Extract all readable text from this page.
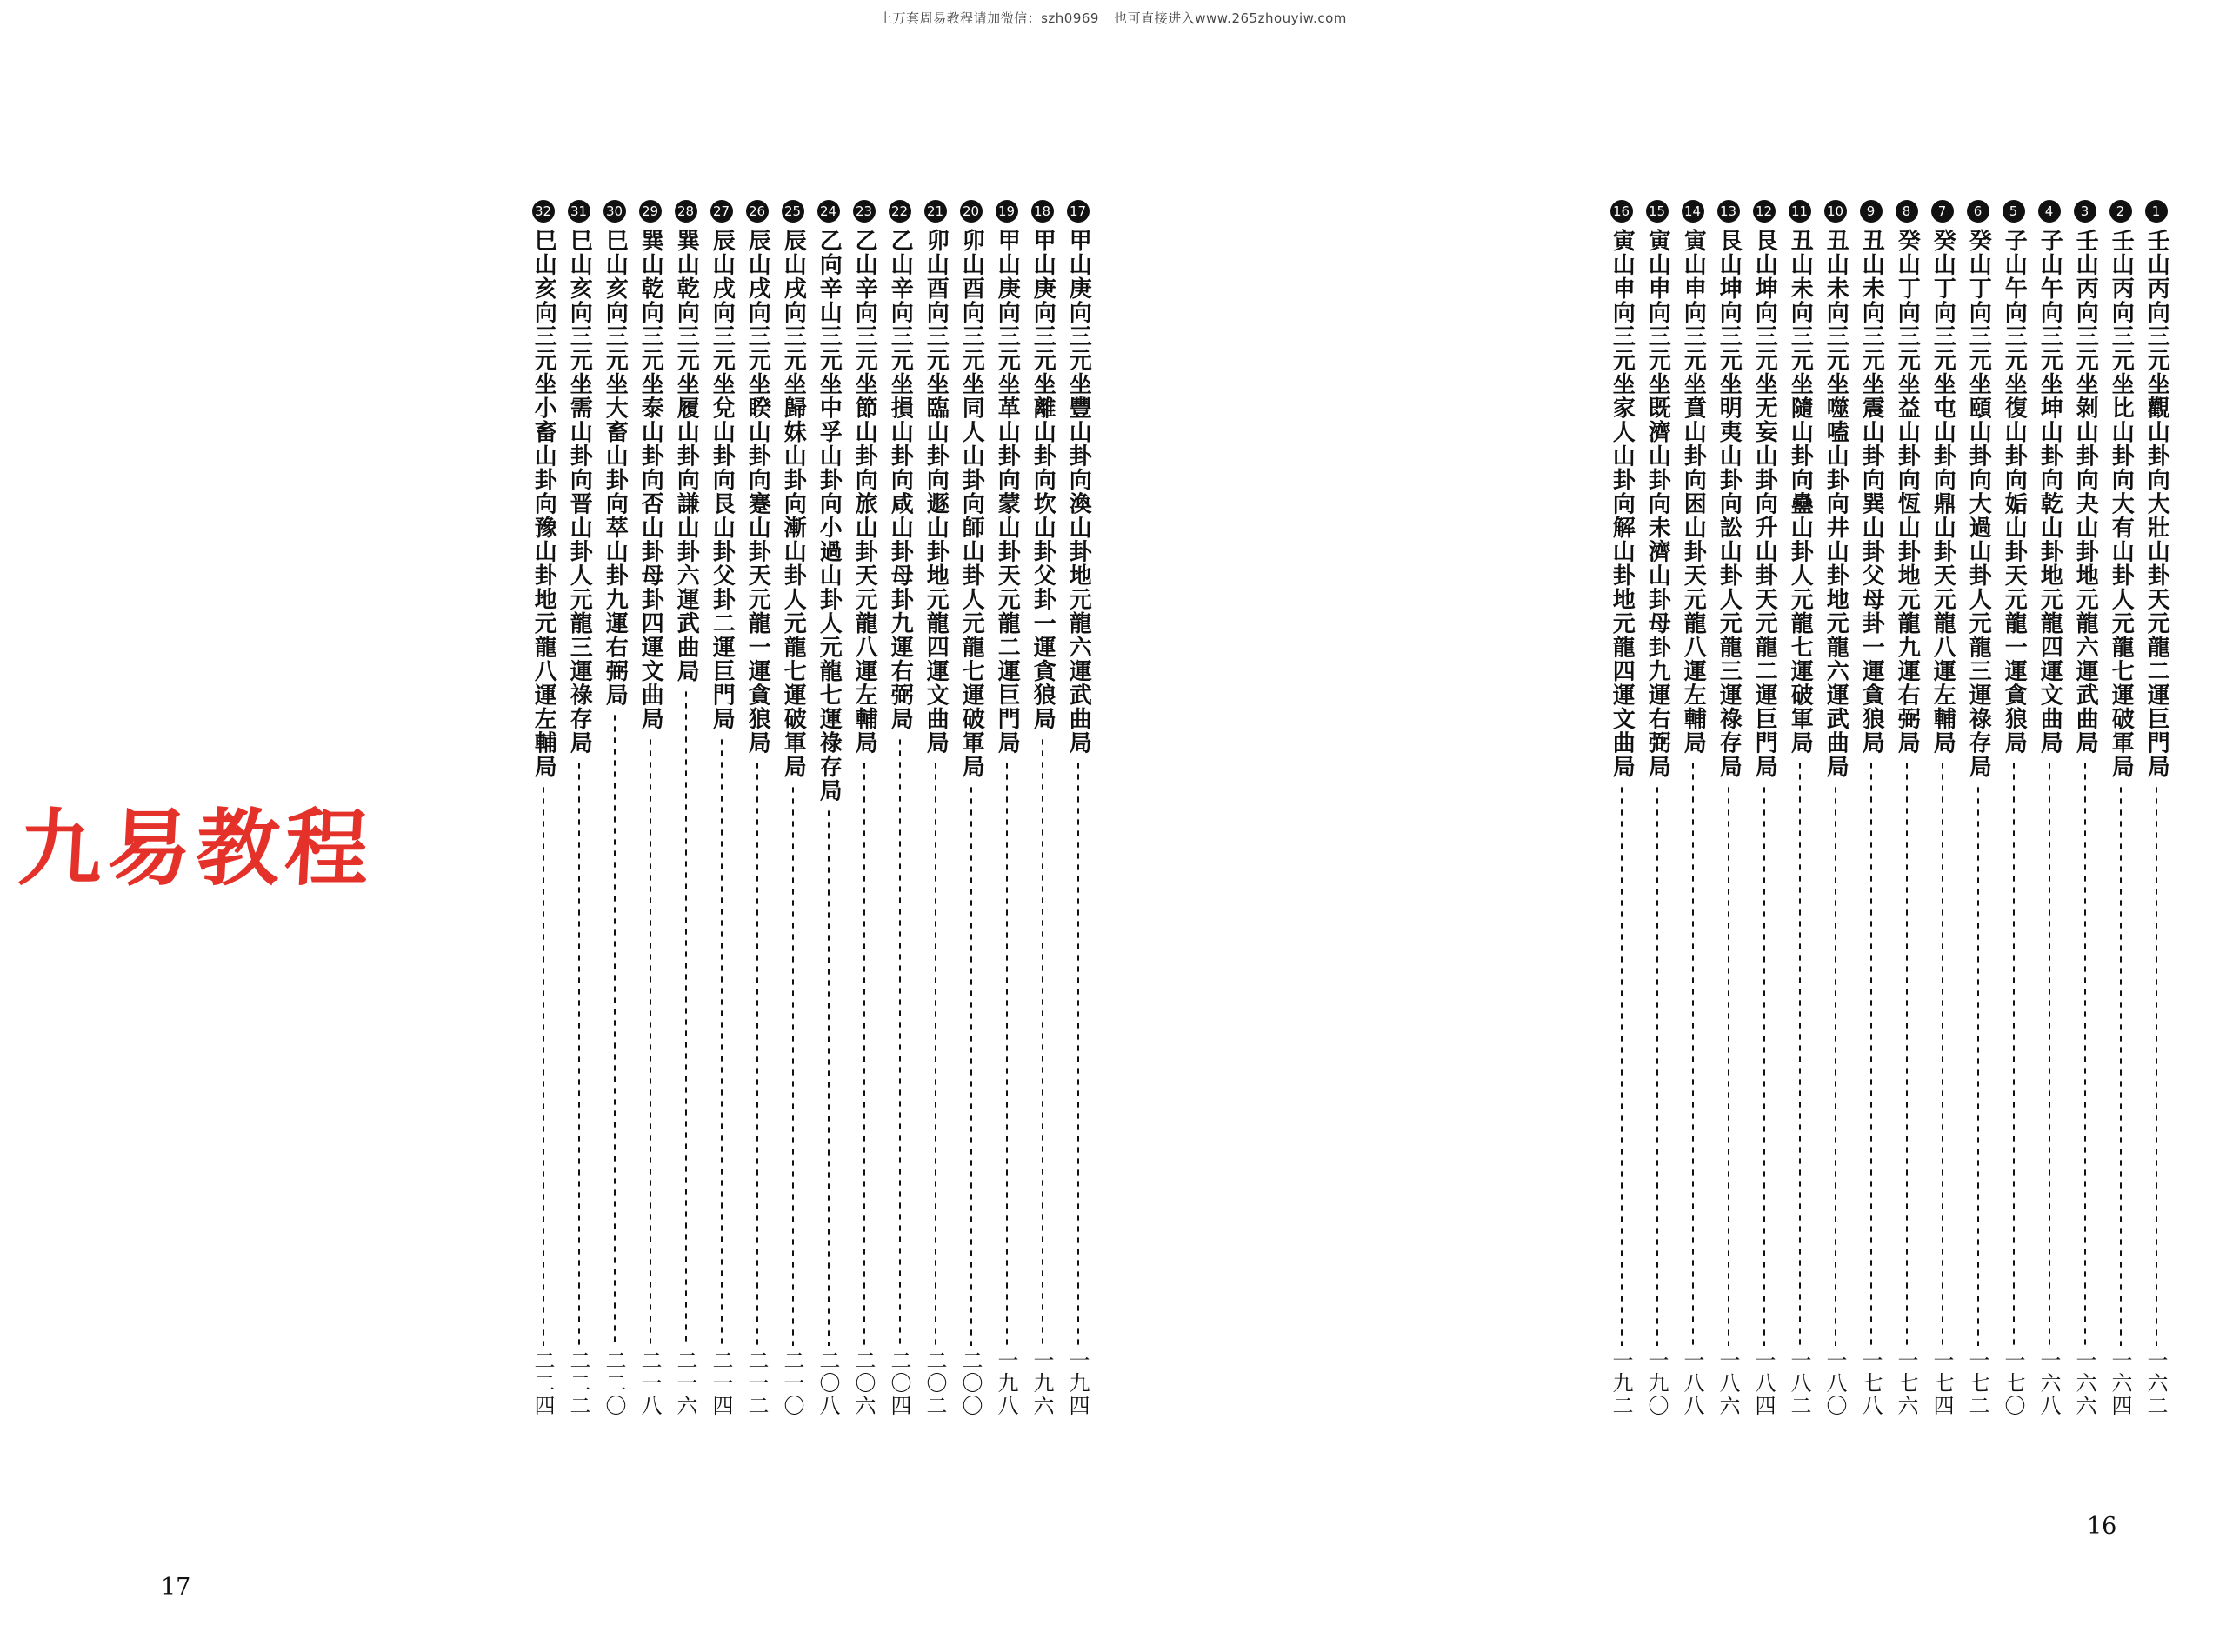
上万套周易教程请加微信：szh0969 也可直接进入www.265zhouyiw.com
1
壬山丙向三元坐觀山卦向大壯山卦天元龍二運巨門局
一六二
2
壬山丙向三元坐比山卦向大有山卦人元龍七運破軍局
一六四
3
壬山丙向三元坐剝山卦向夬山卦地元龍六運武曲局
一六六
4
子山午向三元坐坤山卦向乾山卦地元龍四運文曲局
一六八
5
子山午向三元坐復山卦向姤山卦天元龍一運貪狼局
一七〇
6
癸山丁向三元坐頤山卦向大過山卦人元龍三運祿存局
一七二
7
癸山丁向三元坐屯山卦向鼎山卦天元龍八運左輔局
一七四
8
癸山丁向三元坐益山卦向恆山卦地元龍九運右弼局
一七六
9
丑山未向三元坐震山卦向巽山卦父母卦一運貪狼局
一七八
10
丑山未向三元坐噬嗑山卦向井山卦地元龍六運武曲局
一八〇
11
丑山未向三元坐隨山卦向蠱山卦人元龍七運破軍局
一八二
12
艮山坤向三元坐无妄山卦向升山卦天元龍二運巨門局
一八四
13
艮山坤向三元坐明夷山卦向訟山卦人元龍三運祿存局
一八六
14
寅山申向三元坐賁山卦向困山卦天元龍八運左輔局
一八八
15
寅山申向三元坐既濟山卦向未濟山卦母卦九運右弼局
一九〇
16
寅山申向三元坐家人山卦向解山卦地元龍四運文曲局
一九二
17
甲山庚向三元坐豐山卦向渙山卦地元龍六運武曲局
一九四
18
甲山庚向三元坐離山卦向坎山卦父卦一運貪狼局
一九六
19
甲山庚向三元坐革山卦向蒙山卦天元龍二運巨門局
一九八
20
卯山酉向三元坐同人山卦向師山卦人元龍七運破軍局
二〇〇
21
卯山酉向三元坐臨山卦向遯山卦地元龍四運文曲局
二〇二
22
乙山辛向三元坐損山卦向咸山卦母卦九運右弼局
二〇四
23
乙山辛向三元坐節山卦向旅山卦天元龍八運左輔局
二〇六
24
乙向辛山三元坐中孚山卦向小過山卦人元龍七運祿存局
二〇八
25
辰山戌向三元坐歸妹山卦向漸山卦人元龍七運破軍局
二一〇
26
辰山戌向三元坐睽山卦向蹇山卦天元龍一運貪狼局
二一二
27
辰山戌向三元坐兌山卦向艮山卦父卦二運巨門局
二一四
28
巽山乾向三元坐履山卦向謙山卦六運武曲局
二一六
29
巽山乾向三元坐泰山卦向否山卦母卦四運文曲局
二一八
30
巳山亥向三元坐大畜山卦向萃山卦九運右弼局
二二〇
31
巳山亥向三元坐需山卦向晋山卦人元龍三運祿存局
二二二
32
巳山亥向三元坐小畜山卦向豫山卦地元龍八運左輔局
二二四
九易教程
16
17
